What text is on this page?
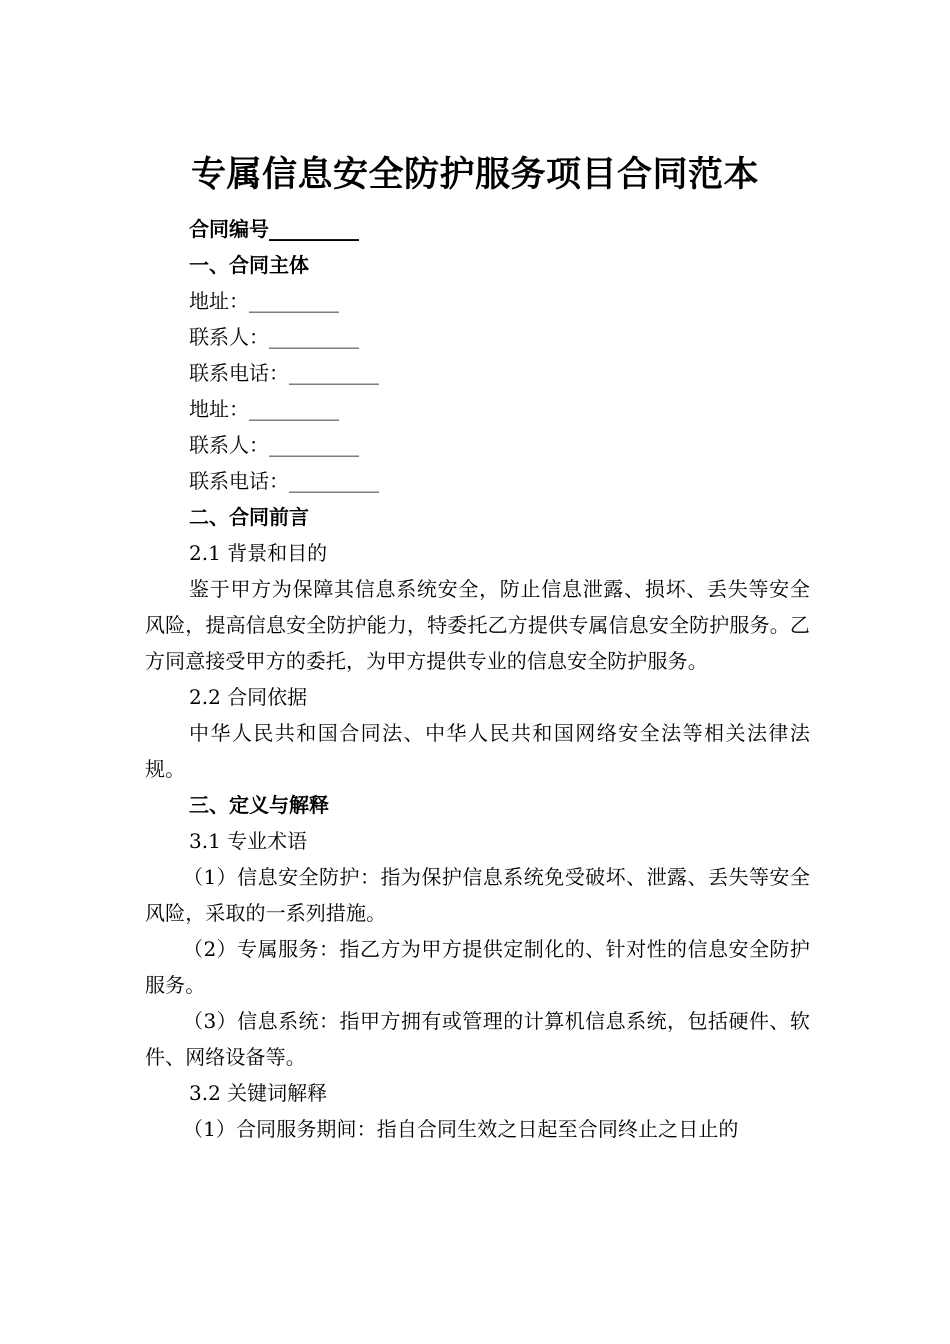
专属信息安全防护服务项目合同范本

合同编号_________

一、合同主体

地址：_________

联系人：_________

联系电话：_________

地址：_________

联系人：_________

联系电话：_________

二、合同前言

2.1 背景和目的

鉴于甲方为保障其信息系统安全，防止信息泄露、损坏、丢失等安全风险，提高信息安全防护能力，特委托乙方提供专属信息安全防护服务。乙方同意接受甲方的委托，为甲方提供专业的信息安全防护服务。

2.2 合同依据

中华人民共和国合同法、中华人民共和国网络安全法等相关法律法规。

三、定义与解释

3.1 专业术语

（1）信息安全防护：指为保护信息系统免受破坏、泄露、丢失等安全风险，采取的一系列措施。

（2）专属服务：指乙方为甲方提供定制化的、针对性的信息安全防护服务。

（3）信息系统：指甲方拥有或管理的计算机信息系统，包括硬件、软件、网络设备等。

3.2 关键词解释

（1）合同服务期间：指自合同生效之日起至合同终止之日止的
